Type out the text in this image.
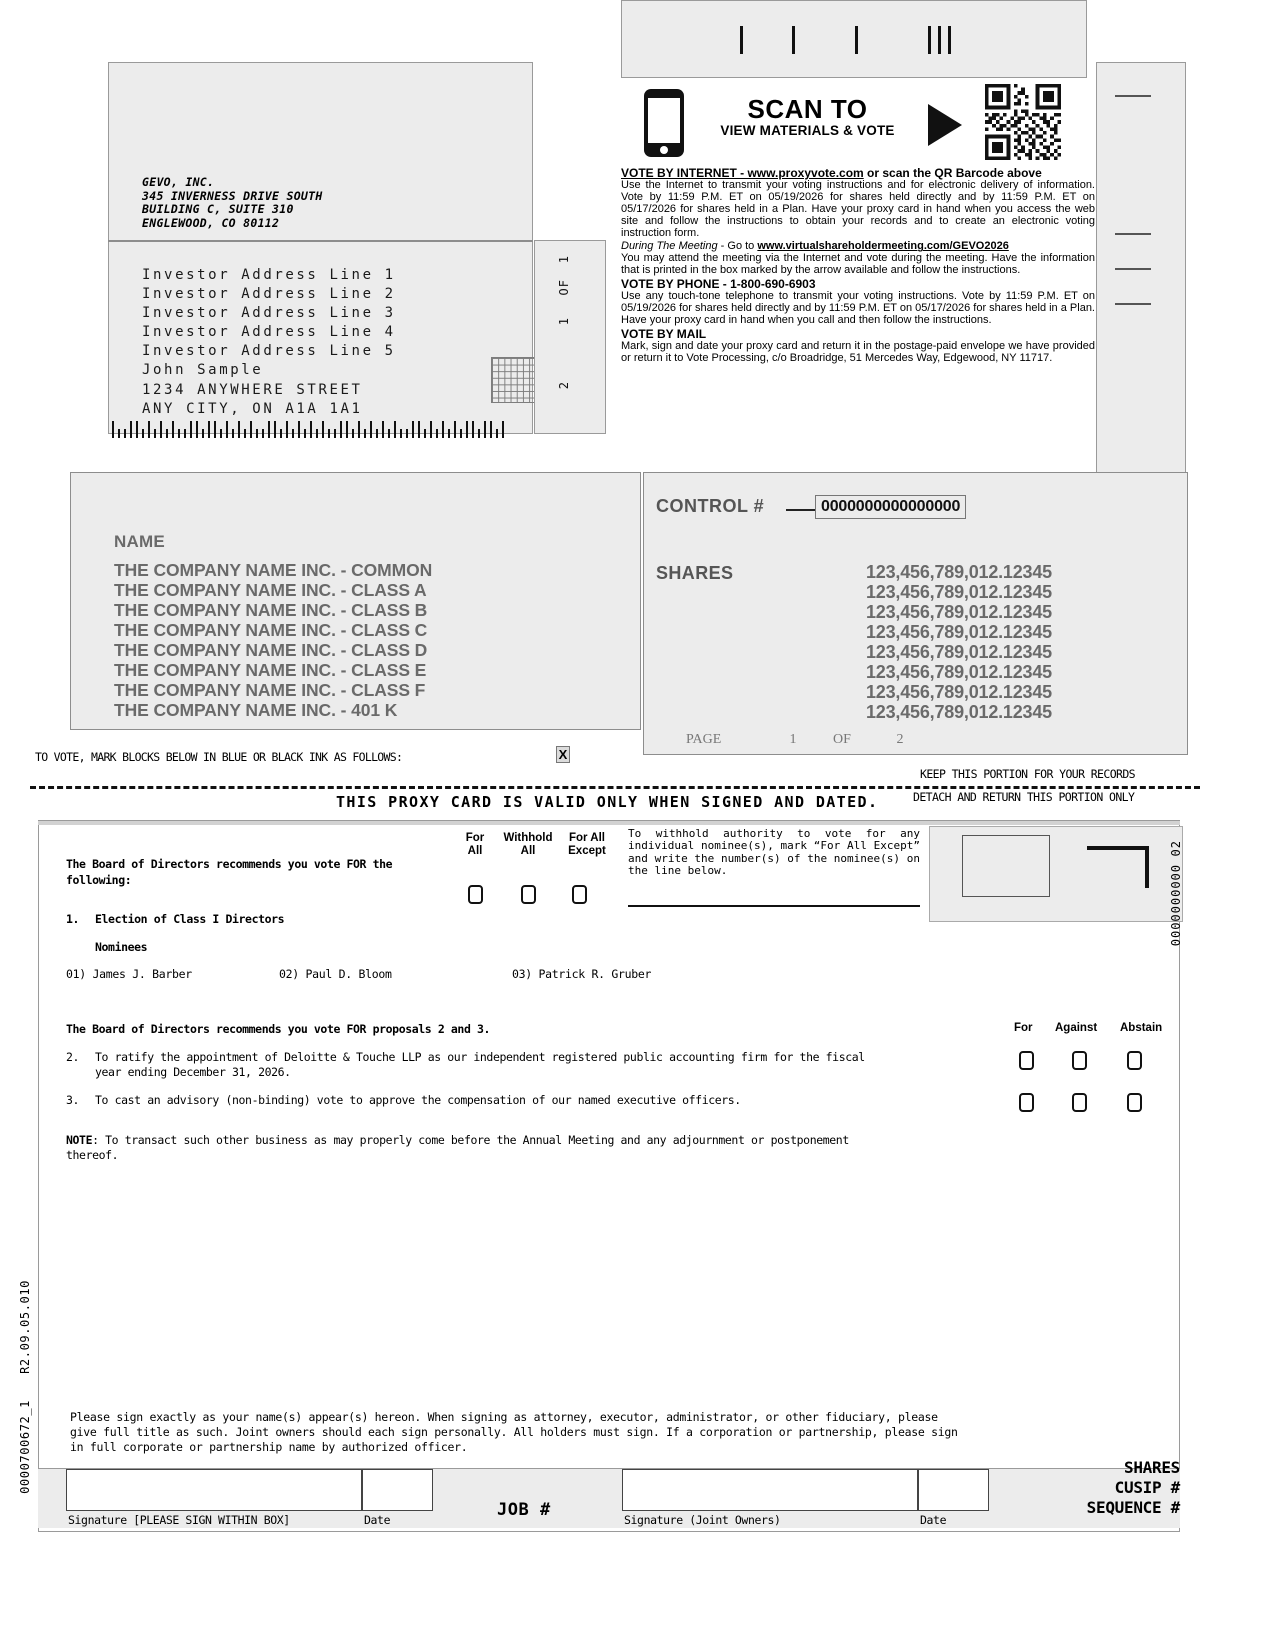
GEVO, INC.
345 INVERNESS DRIVE SOUTH
BUILDING C, SUITE 310
ENGLEWOOD, CO 80112
Investor Address Line 1
Investor Address Line 2
Investor Address Line 3
Investor Address Line 4
Investor Address Line 5
John Sample
1234 ANYWHERE STREET
ANY CITY, ON A1A 1A1
1
OF
1
2
SCAN TO
VIEW MATERIALS & VOTE
VOTE BY INTERNET - www.proxyvote.com or scan the QR Barcode above

Use the Internet to transmit your voting instructions and for electronic delivery of information. Vote by 11:59 P.M. ET on 05/19/2026 for shares held directly and by 11:59 P.M. ET on 05/17/2026 for shares held in a Plan. Have your proxy card in hand when you access the web site and follow the instructions to obtain your records and to create an electronic voting instruction form.

During The Meeting - Go to www.virtualshareholdermeeting.com/GEVO2026

You may attend the meeting via the Internet and vote during the meeting. Have the information that is printed in the box marked by the arrow available and follow the instructions.

VOTE BY PHONE - 1-800-690-6903

Use any touch-tone telephone to transmit your voting instructions. Vote by 11:59 P.M. ET on 05/19/2026 for shares held directly and by 11:59 P.M. ET on 05/17/2026 for shares held in a Plan. Have your proxy card in hand when you call and then follow the instructions.

VOTE BY MAIL

Mark, sign and date your proxy card and return it in the postage-paid envelope we have provided or return it to Vote Processing, c/o Broadridge, 51 Mercedes Way, Edgewood, NY 11717.

NAME
THE COMPANY NAME INC. - COMMON
THE COMPANY NAME INC. - CLASS A
THE COMPANY NAME INC. - CLASS B
THE COMPANY NAME INC. - CLASS C
THE COMPANY NAME INC. - CLASS D
THE COMPANY NAME INC. - CLASS E
THE COMPANY NAME INC. - CLASS F
THE COMPANY NAME INC. - 401 K
CONTROL #	0000000000000000
SHARES	123,456,789,012.12345
123,456,789,012.12345
123,456,789,012.12345
123,456,789,012.12345
123,456,789,012.12345
123,456,789,012.12345
123,456,789,012.12345
123,456,789,012.12345
PAGE	1	OF	2
TO VOTE, MARK BLOCKS BELOW IN BLUE OR BLACK INK AS FOLLOWS:	X
KEEP THIS PORTION FOR YOUR RECORDS
DETACH AND RETURN THIS PORTION ONLY
THIS PROXY CARD IS VALID ONLY WHEN SIGNED AND DATED.
The Board of Directors recommends you vote FOR the following:
For
All
Withhold
All
For All
Except
To withhold authority to vote for any individual nominee(s), mark “For All Except” and write the number(s) of the nominee(s) on the line below.
1. Election of Class I Directors
Nominees
01) James J. Barber	02) Paul D. Bloom	03) Patrick R. Gruber
The Board of Directors recommends you vote FOR proposals 2 and 3.	For Against Abstain
2. To ratify the appointment of Deloitte & Touche LLP as our independent registered public accounting firm for the fiscal year ending December 31, 2026.
3. To cast an advisory (non-binding) vote to approve the compensation of our named executive officers.
NOTE: To transact such other business as may properly come before the Annual Meeting and any adjournment or postponement thereof.
02
0000000000
R2.09.05.010
0000700672_1	Please sign exactly as your name(s) appear(s) hereon. When signing as attorney, executor, administrator, or other fiduciary, please give full title as such. Joint owners should each sign personally. All holders must sign. If a corporation or partnership, please sign in full corporate or partnership name by authorized officer.
Signature [PLEASE SIGN WITHIN BOX]	Date	Signature (Joint Owners)	Date
JOB #
SHARES
CUSIP #
SEQUENCE #
